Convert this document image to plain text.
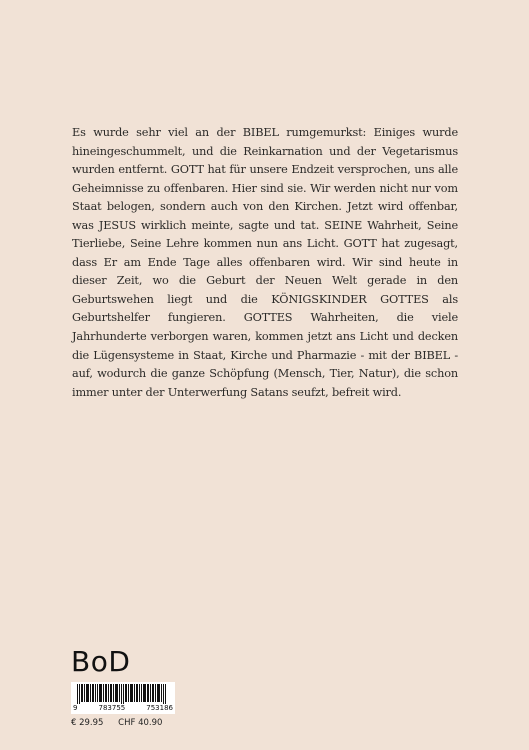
Es wurde sehr viel an der BIBEL rumgemurkst: Einiges wurde hineingeschummelt, und die Reinkarnation und der Vegetarismus wurden entfernt. GOTT hat für unsere Endzeit versprochen, uns alle Geheimnisse zu offenbaren. Hier sind sie. Wir werden nicht nur vom Staat belogen, sondern auch von den Kirchen. Jetzt wird offenbar, was JESUS wirklich meinte, sagte und tat. SEINE Wahrheit, Seine Tierliebe, Seine Lehre kommen nun ans Licht. GOTT hat zugesagt, dass Er am Ende Tage alles offenbaren wird. Wir sind heute in dieser Zeit, wo die Geburt der Neuen Welt gerade in den Geburtswehen liegt und die KÖNIGSKINDER GOTTES als Geburtshelfer fungieren. GOTTES Wahrheiten, die viele Jahrhunderte verborgen waren, kommen jetzt ans Licht und decken die Lügensysteme in Staat, Kirche und Pharmazie - mit der BIBEL - auf, wodurch die ganze Schöpfung (Mensch, Tier, Natur), die schon immer unter der Unterwerfung Satans seufzt, befreit wird.

BoD
9	783755	753186
€ 29.95 CHF 40.90
